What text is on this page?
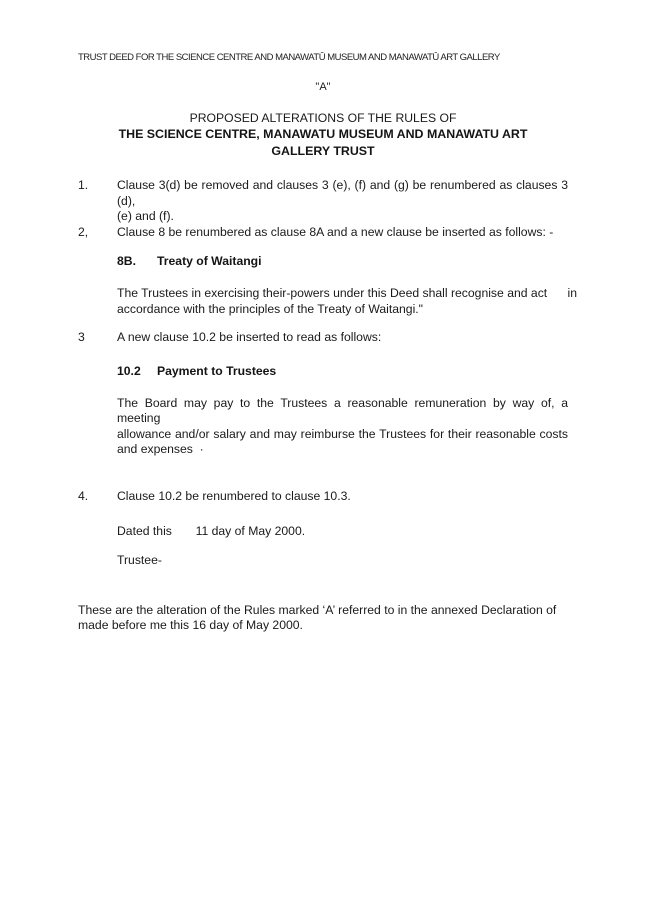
TRUST DEED FOR THE SCIENCE CENTRE AND MANAWATŪ MUSEUM AND MANAWATŪ ART GALLERY
"A"
PROPOSED ALTERATIONS OF THE RULES OF
THE SCIENCE CENTRE, MANAWATU MUSEUM AND MANAWATU ART
GALLERY TRUST
1.	Clause 3(d) be removed and clauses 3 (e), (f) and (g) be renumbered as clauses 3 (d),
(e) and (f).
2,	Clause 8 be renumbered as clause 8A and a new clause be inserted as follows: -
8B.	Treaty of Waitangi
The Trustees in exercising their-powers under this Deed shall recognise and act      in
accordance with the principles of the Treaty of Waitangi."
3	A new clause 10.2 be inserted to read as follows:
10.2	Payment to Trustees
The Board may pay to the Trustees a reasonable remuneration by way of, a meeting
allowance and/or salary and may reimburse the Trustees for their reasonable costs
and expenses  ·
4.	Clause 10.2 be renumbered to clause 10.3.
Dated this       11 day of May 2000.
Trustee-
These are the alteration of the Rules marked ‘A’ referred to in the annexed Declaration of
made before me this 16 day of May 2000.
